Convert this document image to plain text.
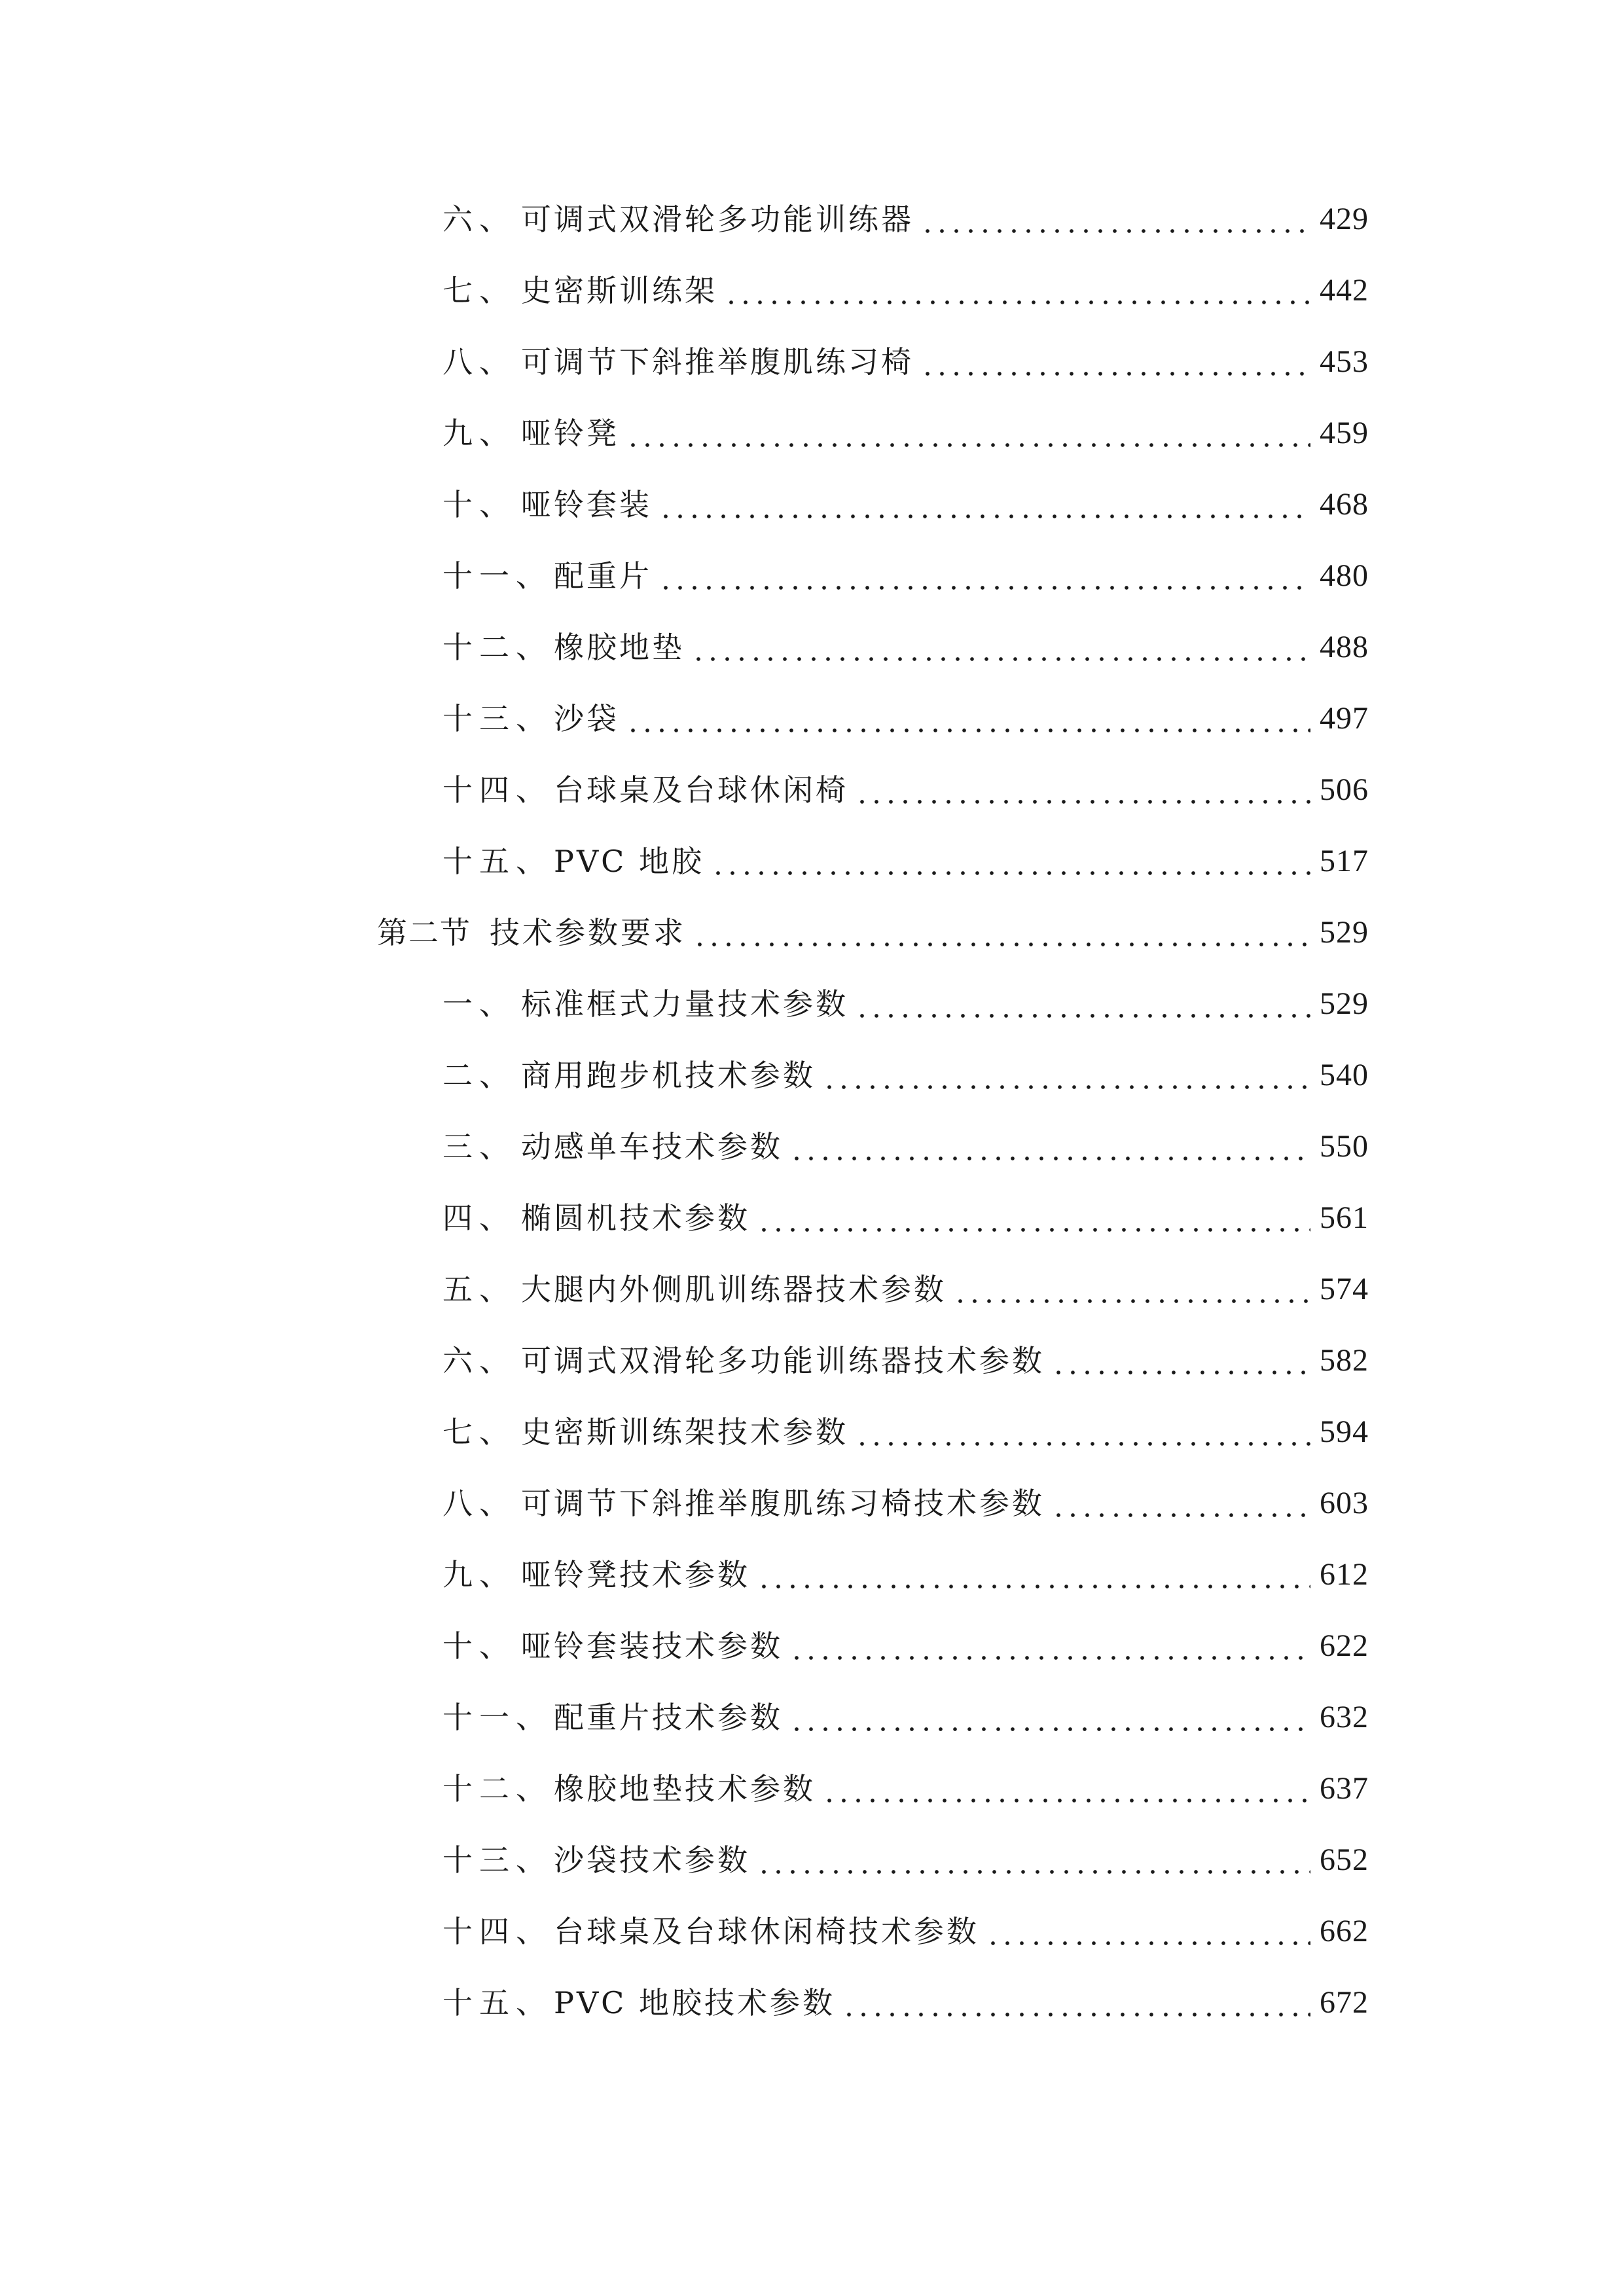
六、 可调式双滑轮多功能训练器	429
七、 史密斯训练架	442
八、 可调节下斜推举腹肌练习椅	453
九、 哑铃凳	459
十、 哑铃套装	468
十一、 配重片	480
十二、 橡胶地垫	488
十三、 沙袋	497
十四、 台球桌及台球休闲椅	506
十五、 PVC 地胶	517
第二节 技术参数要求	529
一、 标准框式力量技术参数	529
二、 商用跑步机技术参数	540
三、 动感单车技术参数	550
四、 椭圆机技术参数	561
五、 大腿内外侧肌训练器技术参数	574
六、 可调式双滑轮多功能训练器技术参数	582
七、 史密斯训练架技术参数	594
八、 可调节下斜推举腹肌练习椅技术参数	603
九、 哑铃凳技术参数	612
十、 哑铃套装技术参数	622
十一、 配重片技术参数	632
十二、 橡胶地垫技术参数	637
十三、 沙袋技术参数	652
十四、 台球桌及台球休闲椅技术参数	662
十五、 PVC 地胶技术参数	672
